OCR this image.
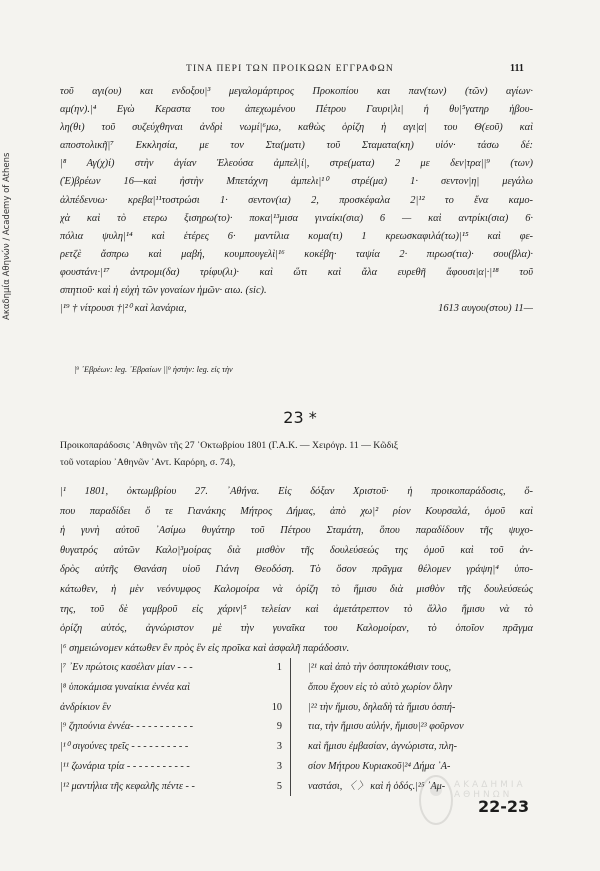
Ακαδημία Αθηνών / Academy of Athens
ΤΙΝΑ ΠΕΡΙ ΤΩΝ ΠΡΟΙΚΩΩΝ ΕΓΓΡΑΦΩΝ	111
τοῦ αγι(ου) και ενδοξου|³ μεγαλομάρτιρος Προκοπίου και παν(των) (τῶν) αγίων·
αμ(ην).|⁴ Εγὼ Κεραστα του ἀπεχωμένου Πέτρου Γαυρι|λι| ἡ θυ|⁵γατηρ ἡβου-
λη(θι) τοῦ συζεύχθηναι ἀνδρὶ νωμί|⁶μω, καθὼς ὁρίζη ἡ αγι|α| του Θ(εοῦ) καὶ
αποστολικῆ|⁷ Εκκλησία, με τον Στα(ματι) τοῦ Σταματα(κη) υἱόν· τάσω δέ:
|⁸ Αγ(χ)ί) στὴν ἁγίαν Ἐλεούσα ἀμπελ|ί|, στρε(ματα) 2 με δεν|τρα||⁹ (των)
(Ἐ)βρέων 16—καὶ ἠστὴν Μπετάχνη ἀμπελι|¹⁰ στρέ(μα) 1· σεντον|η| μεγάλω
ἀλπέδενυω· κρεβα|¹¹τοστρώσι 1· σεντον(ια) 2, προσκέφαλα 2|¹² το ἕνα καμο-
χὰ καὶ τὸ ετερω ξισηρω(το)· ποκα|¹³μισα γιναίκι(σια) 6 — καὶ αντρίκι(σια) 6·
πόλια ψυλη|¹⁴ καὶ ἑτέρες 6· μαντίλια κομα(τι) 1 κρεωσκαφιλά(τω)|¹⁵ καὶ φε-
ρετζὲ ἄσπρω καὶ μαβή, κουμπουγελὶ|¹⁶ κοκέβη· ταψία 2· πιρωσ(τια)· σου(βλα)·
φουστάνι·|¹⁷ ἀντρομι(δα) τρίφυ(λι)· καὶ ὥτι καὶ ἄλα ευρεθῆ ἄφουσι|α|·|¹⁸ τοῦ
σπητιοῦ· καὶ ἡ εὐχὴ τῶν γοναίων ἡμῶν· αιω. (sic).
|¹⁹ † νίτρουσι †|²⁰ καὶ λανάρια,	1613 αυγου(στου) 11—
|⁹ ᾿Εβρέων: leg. ᾿Εβραίων ||⁹ ἠστὴν: leg. εἰς τὴν
23 *
Προικοπαράδοσις ᾿Αθηνῶν τῆς 27 ᾿Οκτωβρίου 1801 (Γ.Α.Κ. — Χειρόγρ. 11 — Κῶδιξ
τοῦ νοταρίου ᾿Αθηνῶν ᾿Αντ. Καρόρη, σ. 74),
|¹ 1801, ὀκτωμβρίου 27. ᾿Αθήνα. Εἰς δόξαν Χριστοῦ· ἡ προικοπαράδοσις, ὅ-
που παραδίδει ὅ τε Γιανάκης Μήτρος Δήμας, ἀπὸ χω|² ρίον Κουρσαλά, ὁμοῦ καὶ
ἡ γυνὴ αὐτοῦ ᾿Ασίμω θυγάτηρ τοῦ Πέτρου Σταμάτη, ὅπου παραδίδουν τῆς ψυχο-
θυγατρός αὐτῶν Καλο|³μοίρας διὰ μισθὸν τῆς δουλεύσεώς της ὁμοῦ καὶ τοῦ ἀν-
δρὸς αὐτῆς Θανάση υἱοῦ Γιάνη Θεοδόση. Τὸ ὅσον πρᾶγμα θέλομεν γράψη|⁴ ὑπο-
κάτωθεν, ἡ μὲν νεόνυμφος Καλομοίρα νὰ ὁρίζη τὸ ἥμισυ διὰ μισθὸν τῆς δουλεύσεώς
της, τοῦ δὲ γαμβροῦ εἰς χάριν|⁵ τελείαν καὶ ἀμετάτρεπτον τὸ ἄλλο ἥμισυ νὰ τὸ
ὁρίζη αὐτός, ἀγνώριστον μὲ τὴν γυναῖκα του Καλομοίραν, τὸ ὁποῖον πρᾶγμα
|⁶ σημειώνομεν κάτωθεν ἓν πρὸς ἓν εἰς προῖκα καὶ ἀσφαλῆ παράδοσιν.
|⁷ ᾿Εν πρώτοις κασέλαν μίαν - - -	1
|⁸ ὑποκάμισα γυναίκια ἐννέα καὶ
ἀνδρίκιον ἓν	10
|⁹ ζηπούνια ἐννέα- - - - - - - - - - -	9
|¹⁰ σιγούνες τρεῖς - - - - - - - - - -	3
|¹¹ ζωνάρια τρία - - - - - - - - - - -	3
|¹² μαντήλια τῆς κεφαλῆς πέντε - -	5
|²¹ καὶ ἀπὸ τὴν ὁσπητοκάθισιν τους,
ὅπου ἔχουν εἰς τὸ αὐτὸ χωρίον ὅλην
|²² τὴν ἥμισυ, δηλαδὴ τὰ ἥμισυ ὁσπή-
τια, τὴν ἥμισυ αὐλήν, ἥμισυ|²³ φοῦρνον
καὶ ἥμισυ ἐμβασίαν, ἀγνώριστα, πλη-
σίον Μήτρου Κυριακοῦ|²⁴ Δήμα ᾿Α-
ναστάσι, 〈 〉 καὶ ἡ ὁδός.|²⁵ ᾿Αμ- ΑΚΑΔΗΜΙΑ ΑΘΗΝΩΝ
22-23
